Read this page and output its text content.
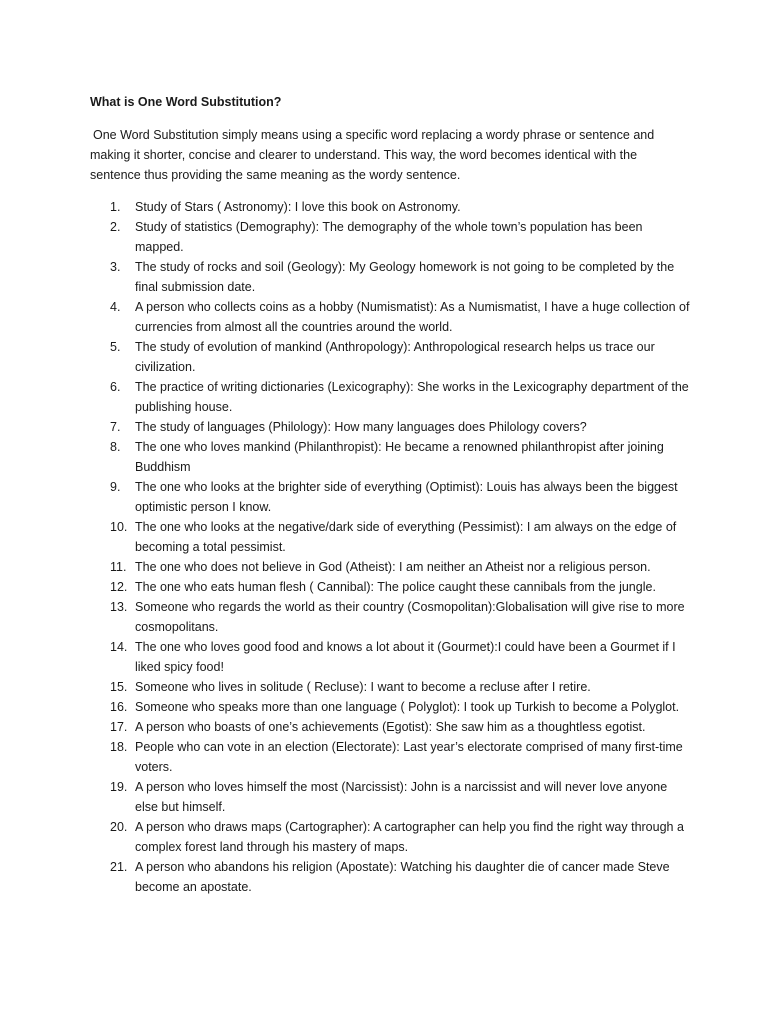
What is One Word Substitution?
One Word Substitution simply means using a specific word replacing a wordy phrase or sentence and making it shorter, concise and clearer to understand. This way, the word becomes identical with the sentence thus providing the same meaning as the wordy sentence.
1.	Study of Stars ( Astronomy): I love this book on Astronomy.
2.	Study of statistics (Demography): The demography of the whole town’s population has been mapped.
3.	The study of rocks and soil (Geology): My Geology homework is not going to be completed by the final submission date.
4.	A person who collects coins as a hobby (Numismatist): As a Numismatist, I have a huge collection of currencies from almost all the countries around the world.
5.	The study of evolution of mankind (Anthropology): Anthropological research helps us trace our civilization.
6.	The practice of writing dictionaries (Lexicography): She works in the Lexicography department of the publishing house.
7.	The study of languages (Philology): How many languages does Philology covers?
8.	The one who loves mankind (Philanthropist): He became a renowned philanthropist after joining Buddhism
9.	The one who looks at the brighter side of everything (Optimist): Louis has always been the biggest optimistic person I know.
10. The one who looks at the negative/dark side of everything (Pessimist): I am always on the edge of becoming a total pessimist.
11. The one who does not believe in God (Atheist): I am neither an Atheist nor a religious person.
12. The one who eats human flesh ( Cannibal): The police caught these cannibals from the jungle.
13. Someone who regards the world as their country (Cosmopolitan):Globalisation will give rise to more cosmopolitans.
14. The one who loves good food and knows a lot about it (Gourmet):I could have been a Gourmet if I liked spicy food!
15. Someone who lives in solitude ( Recluse): I want to become a recluse after I retire.
16. Someone who speaks more than one language ( Polyglot): I took up Turkish to become a Polyglot.
17. A person who boasts of one’s achievements (Egotist): She saw him as a thoughtless egotist.
18. People who can vote in an election (Electorate): Last year’s electorate comprised of many first-time voters.
19. A person who loves himself the most (Narcissist): John is a narcissist and will never love anyone else but himself.
20. A person who draws maps (Cartographer): A cartographer can help you find the right way through a complex forest land through his mastery of maps.
21. A person who abandons his religion (Apostate): Watching his daughter die of cancer made Steve become an apostate.
